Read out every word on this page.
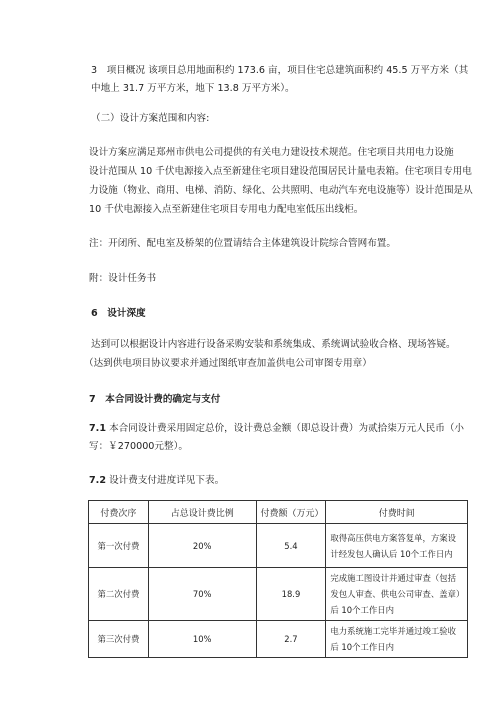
3　项目概况 该项目总用地面积约 173.6 亩，项目住宅总建筑面积约 45.5 万平方米（其
中地上 31.7 万平方米，地下 13.8 万平方米）。
（二）设计方案范围和内容:
设计方案应满足郑州市供电公司提供的有关电力建设技术规范。住宅项目共用电力设施
设计范围从 10 千伏电源接入点至新建住宅项目建设范围居民计量电表箱。住宅项目专用电
力设施（物业、商用、电梯、消防、绿化、公共照明、电动汽车充电设施等）设计范围是从
10 千伏电源接入点至新建住宅项目专用电力配电室低压出线柜。
注：开闭所、配电室及桥架的位置请结合主体建筑设计院综合管网布置。
附：设计任务书
6　设计深度
达到可以根据设计内容进行设备采购安装和系统集成、系统调试验收合格、现场答疑。
（达到供电项目协议要求并通过图纸审查加盖供电公司审图专用章）
7　本合同设计费的确定与支付
7.1 本合同设计费采用固定总价，设计费总金额（即总设计费）为贰拾柒万元人民币（小
写：￥270000元整）。
7.2 设计费支付进度详见下表。
付费次序	占总设计费比例	付费额（万元）	付费时间
第一次付费	20%	5.4	取得高压供电方案答复单，方案设计经发包人确认后 10个工作日内
第二次付费	70%	18.9	完成施工图设计并通过审查（包括发包人审查、供电公司审查、盖章）后 10个工作日内
第三次付费	10%	2.7	电力系统施工完毕并通过竣工验收后 10个工作日内
